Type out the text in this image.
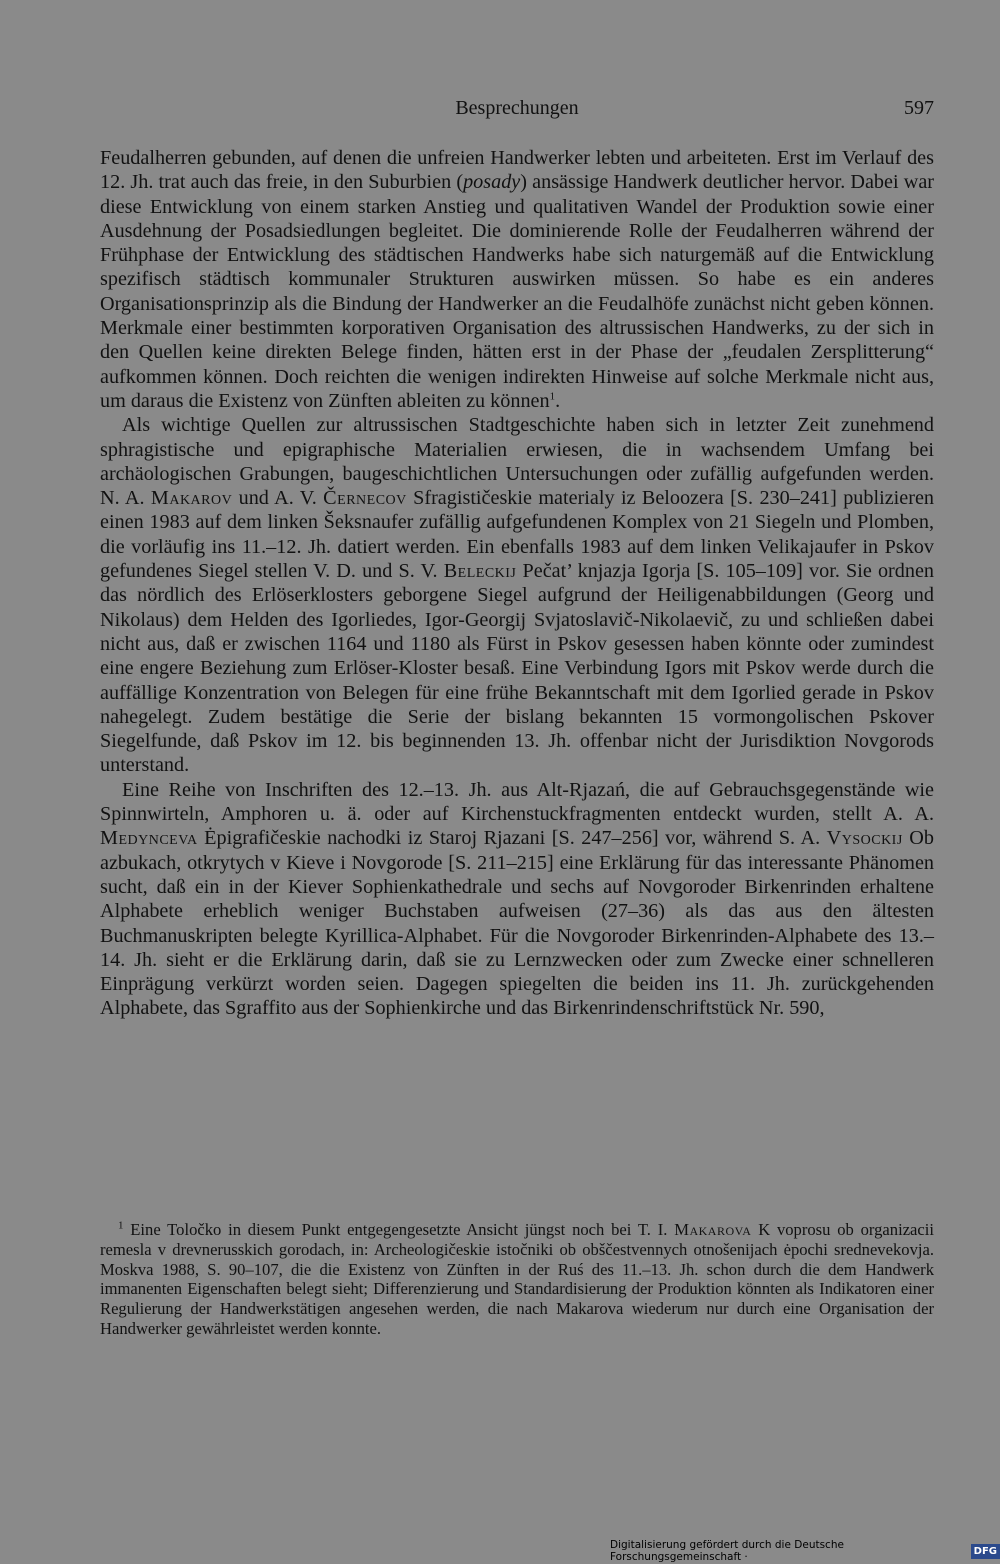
Besprechungen	597

Feudalherren gebunden, auf denen die unfreien Handwerker lebten und arbeiteten. Erst im Verlauf des 12. Jh. trat auch das freie, in den Suburbien (posady) ansässige Handwerk deutlicher hervor. Dabei war diese Entwicklung von einem starken Anstieg und qualitativen Wandel der Produktion sowie einer Ausdehnung der Posadsiedlungen begleitet. Die dominierende Rolle der Feudalherren während der Frühphase der Entwicklung des städtischen Handwerks habe sich naturgemäß auf die Entwicklung spezifisch städtisch kommunaler Strukturen auswirken müssen. So habe es ein anderes Organisationsprinzip als die Bindung der Handwerker an die Feudalhöfe zunächst nicht geben können. Merkmale einer bestimmten korporativen Organisation des altrussischen Handwerks, zu der sich in den Quellen keine direkten Belege finden, hätten erst in der Phase der „feudalen Zersplitterung“ aufkommen können. Doch reichten die wenigen indirekten Hinweise auf solche Merkmale nicht aus, um daraus die Existenz von Zünften ableiten zu können$^1$.

Als wichtige Quellen zur altrussischen Stadtgeschichte haben sich in letzter Zeit zunehmend sphragistische und epigraphische Materialien erwiesen, die in wachsendem Umfang bei archäologischen Grabungen, baugeschichtlichen Untersuchungen oder zufällig aufgefunden werden. N. A. Makarov und A. V. Černecov Sfragističeskie materialy iz Beloozera [S. 230–241] publizieren einen 1983 auf dem linken Šeksnaufer zufällig aufgefundenen Komplex von 21 Siegeln und Plomben, die vorläufig ins 11.–12. Jh. datiert werden. Ein ebenfalls 1983 auf dem linken Velikajaufer in Pskov gefundenes Siegel stellen V. D. und S. V. Beleckij Pečat’ knjazja Igorja [S. 105–109] vor. Sie ordnen das nördlich des Erlöserklosters geborgene Siegel aufgrund der Heiligenabbildungen (Georg und Nikolaus) dem Helden des Igorliedes, Igor-Georgij Svjatoslavič-Nikolaevič, zu und schließen dabei nicht aus, daß er zwischen 1164 und 1180 als Fürst in Pskov gesessen haben könnte oder zumindest eine engere Beziehung zum Erlöser-Kloster besaß. Eine Verbindung Igors mit Pskov werde durch die auffällige Konzentration von Belegen für eine frühe Bekanntschaft mit dem Igorlied gerade in Pskov nahegelegt. Zudem bestätige die Serie der bislang bekannten 15 vormongolischen Pskover Siegelfunde, daß Pskov im 12. bis beginnenden 13. Jh. offenbar nicht der Jurisdiktion Novgorods unterstand.

Eine Reihe von Inschriften des 12.–13. Jh. aus Alt-Rjazań, die auf Gebrauchsgegenstände wie Spinnwirteln, Amphoren u. ä. oder auf Kirchenstuckfragmenten entdeckt wurden, stellt A. A. Medynceva Ėpigrafičeskie nachodki iz Staroj Rjazani [S. 247–256] vor, während S. A. Vysockij Ob azbukach, otkrytych v Kieve i Novgorode [S. 211–215] eine Erklärung für das interessante Phänomen sucht, daß ein in der Kiever Sophienkathedrale und sechs auf Novgoroder Birkenrinden erhaltene Alphabete erheblich weniger Buchstaben aufweisen (27–36) als das aus den ältesten Buchmanuskripten belegte Kyrillica-Alphabet. Für die Novgoroder Birkenrinden-Alphabete des 13.–14. Jh. sieht er die Erklärung darin, daß sie zu Lernzwecken oder zum Zwecke einer schnelleren Einprägung verkürzt worden seien. Dagegen spiegelten die beiden ins 11. Jh. zurückgehenden Alphabete, das Sgraffito aus der Sophienkirche und das Birkenrindenschriftstück Nr. 590,

$^1$ Eine Toločko in diesem Punkt entgegengesetzte Ansicht jüngst noch bei T. I. Makarova K voprosu ob organizacii remesla v drevnerusskich gorodach, in: Archeologičeskie istočniki ob obščestvennych otnošenijach ėpochi srednevekovja. Moskva 1988, S. 90–107, die die Existenz von Zünften in der Ruś des 11.–13. Jh. schon durch die dem Handwerk immanenten Eigenschaften belegt sieht; Differenzierung und Standardisierung der Produktion könnten als Indikatoren einer Regulierung der Handwerkstätigen angesehen werden, die nach Makarova wiederum nur durch eine Organisation der Handwerker gewährleistet werden konnte.

Digitalisierung gefördert durch die Deutsche Forschungsgemeinschaft ·	DFG
